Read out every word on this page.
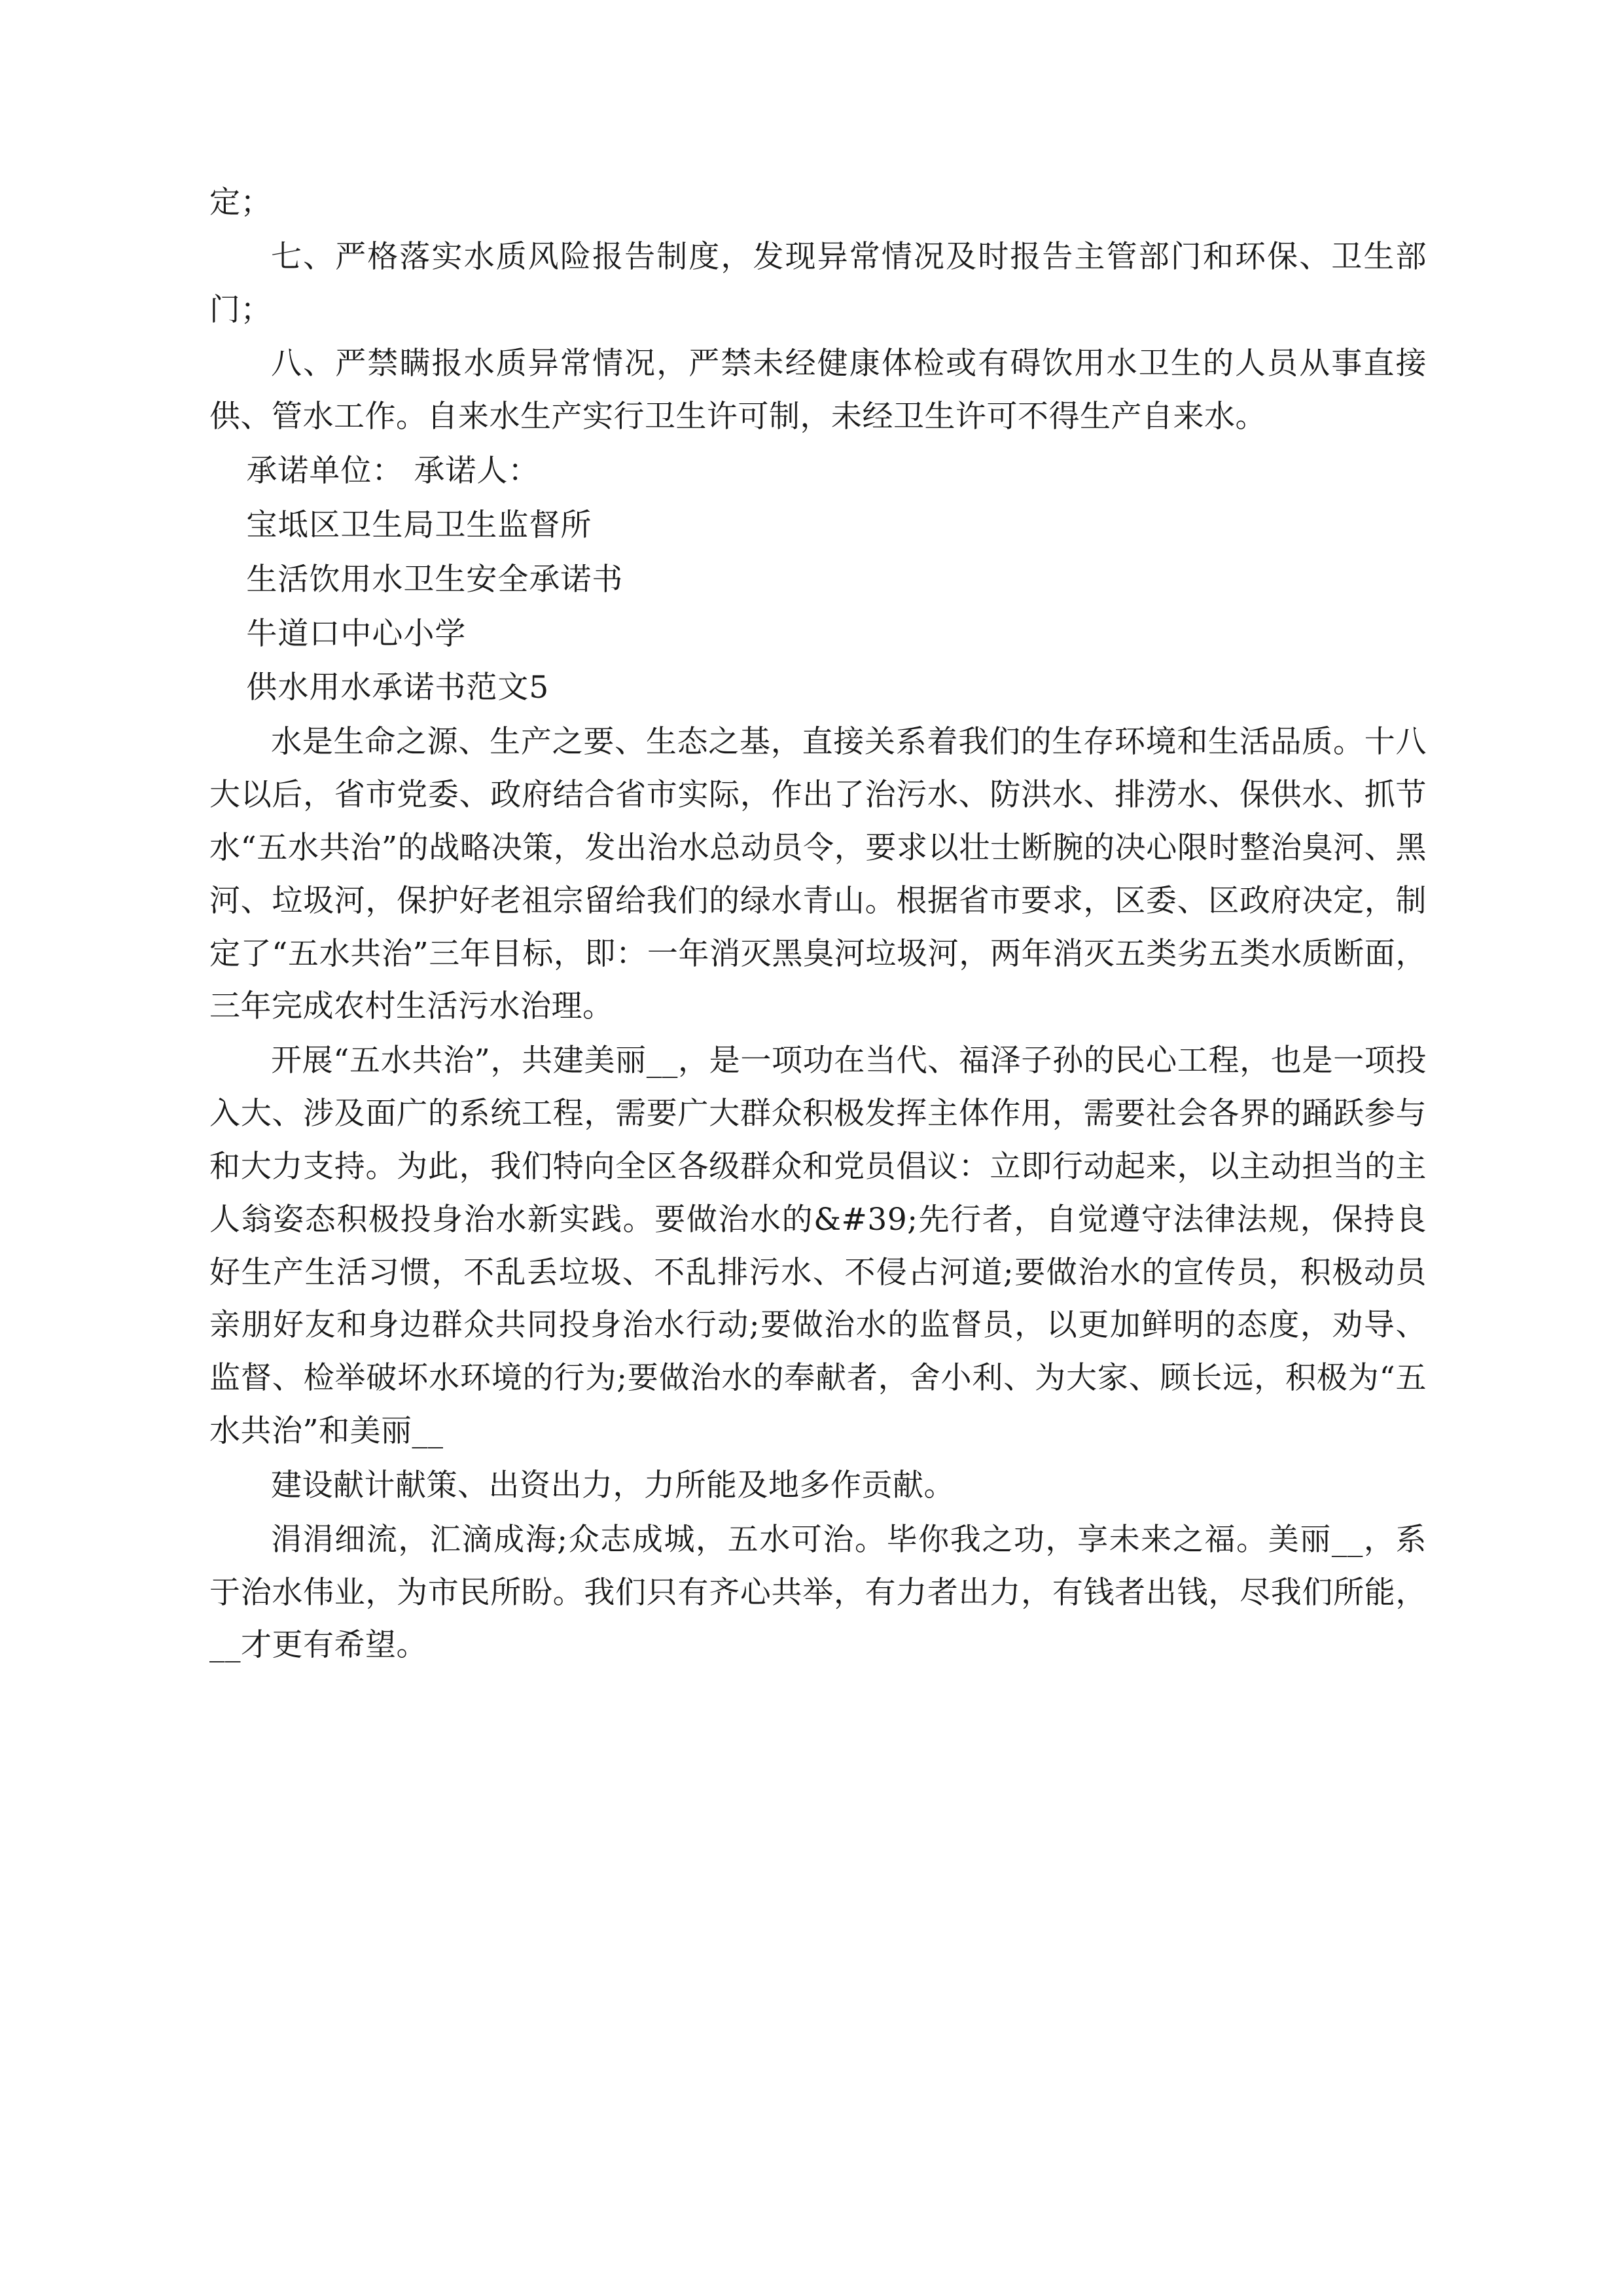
定；

七、严格落实水质风险报告制度，发现异常情况及时报告主管部门和环保、卫生部门；

八、严禁瞒报水质异常情况，严禁未经健康体检或有碍饮用水卫生的人员从事直接供、管水工作。自来水生产实行卫生许可制，未经卫生许可不得生产自来水。

承诺单位： 承诺人：

宝坻区卫生局卫生监督所

生活饮用水卫生安全承诺书

牛道口中心小学

供水用水承诺书范文5

水是生命之源、生产之要、生态之基，直接关系着我们的生存环境和生活品质。十八大以后，省市党委、政府结合省市实际，作出了治污水、防洪水、排涝水、保供水、抓节水“五水共治”的战略决策，发出治水总动员令，要求以壮士断腕的决心限时整治臭河、黑河、垃圾河，保护好老祖宗留给我们的绿水青山。根据省市要求，区委、区政府决定，制定了“五水共治”三年目标，即：一年消灭黑臭河垃圾河，两年消灭五类劣五类水质断面，三年完成农村生活污水治理。

开展“五水共治”，共建美丽__，是一项功在当代、福泽子孙的民心工程，也是一项投入大、涉及面广的系统工程，需要广大群众积极发挥主体作用，需要社会各界的踊跃参与和大力支持。为此，我们特向全区各级群众和党员倡议：立即行动起来，以主动担当的主人翁姿态积极投身治水新实践。要做治水的&#39;先行者，自觉遵守法律法规，保持良好生产生活习惯，不乱丢垃圾、不乱排污水、不侵占河道;要做治水的宣传员，积极动员亲朋好友和身边群众共同投身治水行动;要做治水的监督员，以更加鲜明的态度，劝导、监督、检举破坏水环境的行为;要做治水的奉献者，舍小利、为大家、顾长远，积极为“五水共治”和美丽__

建设献计献策、出资出力，力所能及地多作贡献。

涓涓细流，汇滴成海;众志成城，五水可治。毕你我之功，享未来之福。美丽__，系于治水伟业，为市民所盼。我们只有齐心共举，有力者出力，有钱者出钱，尽我们所能，__才更有希望。
